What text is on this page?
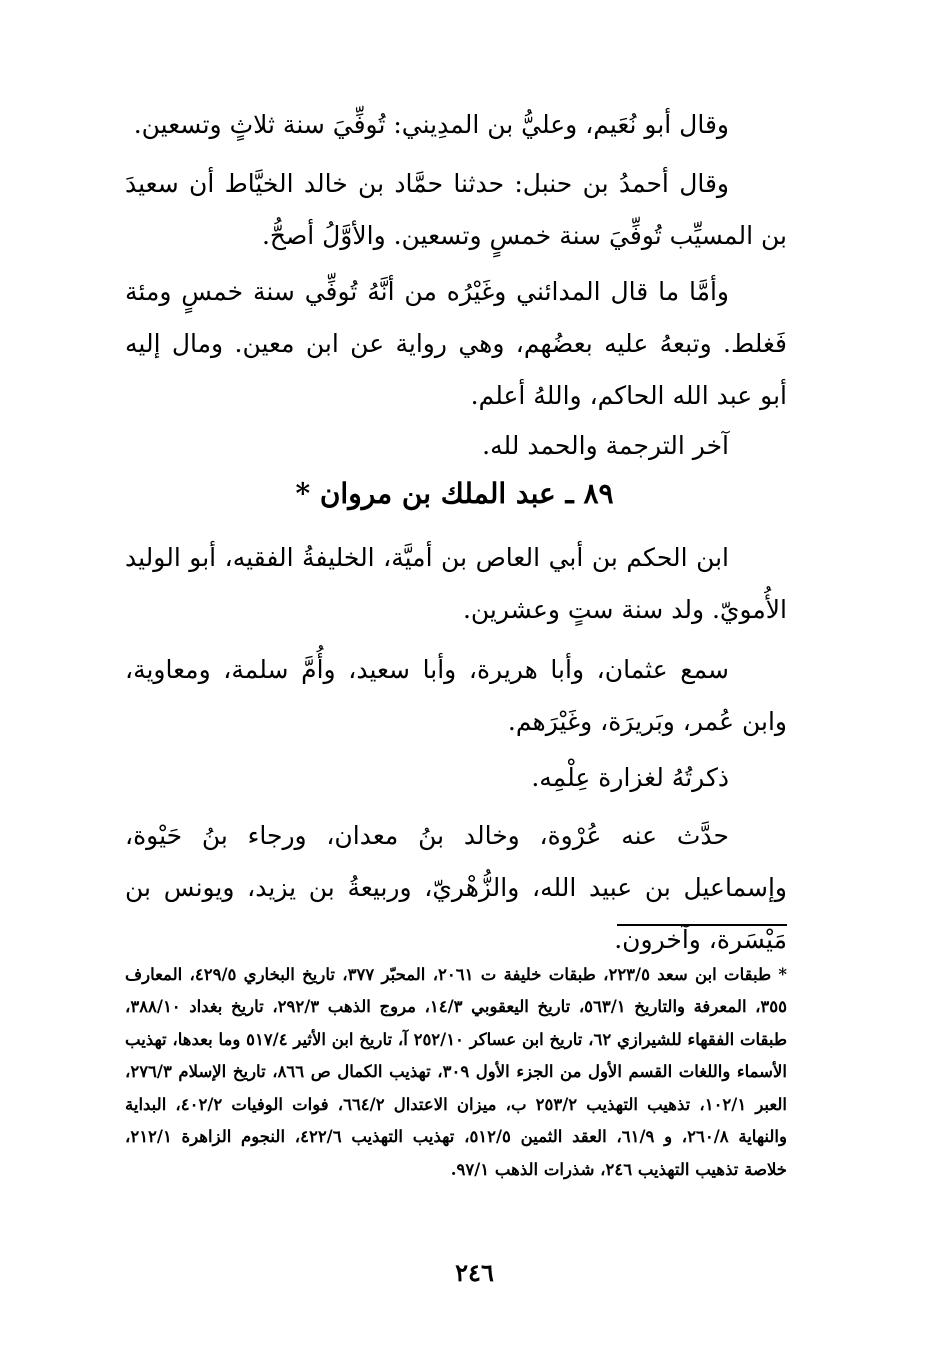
وقال أبو نُعَيم، وعليُّ بن المدِيني: تُوفِّيَ سنة ثلاثٍ وتسعين.

وقال أحمدُ بن حنبل: حدثنا حمَّاد بن خالد الخيَّاط أن سعيدَ بن المسيِّب تُوفِّيَ سنة خمسٍ وتسعين. والأوَّلُ أصحُّ.

وأمَّا ما قال المدائني وغَيْرُه من أنَّهُ تُوفِّي سنة خمسٍ ومئة فَغلط. وتبعهُ عليه بعضُهم، وهي رواية عن ابن معين. ومال إليه أبو عبد الله الحاكم، واللهُ أعلم.

آخر الترجمة والحمد لله.

٨٩ ـ عبد الملك بن مروان *

ابن الحكم بن أبي العاص بن أميَّة، الخليفةُ الفقيه، أبو الوليد الأُمويّ. ولد سنة ستٍ وعشرين.

سمع عثمان، وأبا هريرة، وأبا سعيد، وأُمَّ سلمة، ومعاوية، وابن عُمر، وبَريرَة، وغَيْرَهم.

ذكرتُهُ لغزارة عِلْمِه.

حدَّث عنه عُرْوة، وخالد بنُ معدان، ورجاء بنُ حَيْوة، وإسماعيل بن عبيد الله، والزُّهْريّ، وربيعةُ بن يزيد، ويونس بن مَيْسَرة، وآخرون.

* طبقات ابن سعد ٢٢٣/٥، طبقات خليفة ت ٢٠٦١، المحبّر ٣٧٧، تاريخ البخاري ٤٢٩/٥، المعارف ٣٥٥، المعرفة والتاريخ ٥٦٣/١، تاريخ اليعقوبي ١٤/٣، مروج الذهب ٢٩٢/٣، تاريخ بغداد ٣٨٨/١٠، طبقات الفقهاء للشيرازي ٦٢، تاريخ ابن عساكر ٢٥٢/١٠ آ، تاريخ ابن الأثير ٥١٧/٤ وما بعدها، تهذيب الأسماء واللغات القسم الأول من الجزء الأول ٣٠٩، تهذيب الكمال ص ٨٦٦، تاريخ الإسلام ٢٧٦/٣، العبر ١٠٢/١، تذهيب التهذيب ٢٥٣/٢ ب، ميزان الاعتدال ٦٦٤/٢، فوات الوفيات ٤٠٢/٢، البداية والنهاية ٢٦٠/٨، و ٦١/٩، العقد الثمين ٥١٢/٥، تهذيب التهذيب ٤٢٢/٦، النجوم الزاهرة ٢١٢/١، خلاصة تذهيب التهذيب ٢٤٦، شذرات الذهب ٩٧/١.

٢٤٦
